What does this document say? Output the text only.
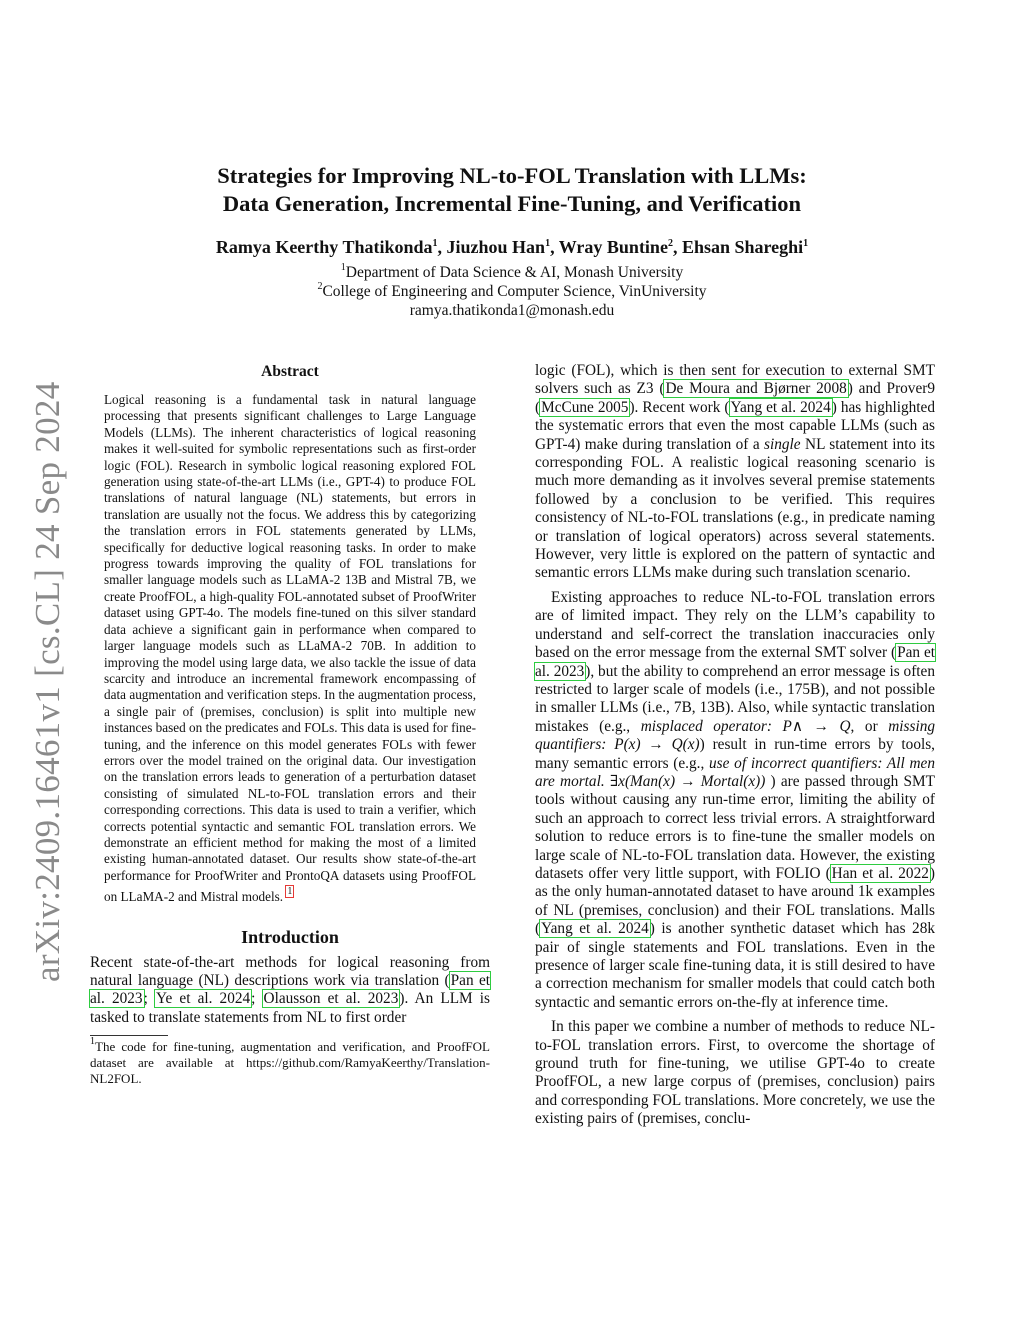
arXiv:2409.16461v1 [cs.CL] 24 Sep 2024
Strategies for Improving NL-to-FOL Translation with LLMs:
Data Generation, Incremental Fine-Tuning, and Verification
Ramya Keerthy Thatikonda$^1$, Jiuzhou Han$^1$, Wray Buntine$^2$, Ehsan Shareghi$^1$
$^1$Department of Data Science & AI, Monash University
$^2$College of Engineering and Computer Science, VinUniversity
ramya.thatikonda1@monash.edu
Abstract
Logical reasoning is a fundamental task in natural language processing that presents significant challenges to Large Language Models (LLMs). The inherent characteristics of logical reasoning makes it well-suited for symbolic representations such as first-order logic (FOL). Research in symbolic logical reasoning explored FOL generation using state-of-the-art LLMs (i.e., GPT-4) to produce FOL translations of natural language (NL) statements, but errors in translation are usually not the focus. We address this by categorizing the translation errors in FOL statements generated by LLMs, specifically for deductive logical reasoning tasks. In order to make progress towards improving the quality of FOL translations for smaller language models such as LLaMA-2 13B and Mistral 7B, we create ProofFOL, a high-quality FOL-annotated subset of ProofWriter dataset using GPT-4o. The models fine-tuned on this silver standard data achieve a significant gain in performance when compared to larger language models such as LLaMA-2 70B. In addition to improving the model using large data, we also tackle the issue of data scarcity and introduce an incremental framework encompassing of data augmentation and verification steps. In the augmentation process, a single pair of (premises, conclusion) is split into multiple new instances based on the predicates and FOLs. This data is used for fine-tuning, and the inference on this model generates FOLs with fewer errors over the model trained on the original data. Our investigation on the translation errors leads to generation of a perturbation dataset consisting of simulated NL-to-FOL translation errors and their corresponding corrections. This data is used to train a verifier, which corrects potential syntactic and semantic FOL translation errors. We demonstrate an efficient method for making the most of a limited existing human-annotated dataset. Our results show state-of-the-art performance for ProofWriter and ProntoQA datasets using ProofFOL on LLaMA-2 and Mistral models. $^1$
Introduction

Recent state-of-the-art methods for logical reasoning from natural language (NL) descriptions work via translation (Pan et al. 2023; Ye et al. 2024; Olausson et al. 2023). An LLM is tasked to translate statements from NL to first order

$^1$The code for fine-tuning, augmentation and verification, and ProofFOL dataset are available at https://github.com/RamyaKeerthy/Translation-NL2FOL.

logic (FOL), which is then sent for execution to external SMT solvers such as Z3 (De Moura and Bjørner 2008) and Prover9 (McCune 2005). Recent work (Yang et al. 2024) has highlighted the systematic errors that even the most capable LLMs (such as GPT-4) make during translation of a single NL statement into its corresponding FOL. A realistic logical reasoning scenario is much more demanding as it involves several premise statements followed by a conclusion to be verified. This requires consistency of NL-to-FOL translations (e.g., in predicate naming or translation of logical operators) across several statements. However, very little is explored on the pattern of syntactic and semantic errors LLMs make during such translation scenario.

Existing approaches to reduce NL-to-FOL translation errors are of limited impact. They rely on the LLM’s capability to understand and self-correct the translation inaccuracies only based on the error message from the external SMT solver (Pan et al. 2023), but the ability to comprehend an error message is often restricted to larger scale of models (i.e., 175B), and not possible in smaller LLMs (i.e., 7B, 13B). Also, while syntactic translation mistakes (e.g., misplaced operator: P∧ → Q, or missing quantifiers: P(x) → Q(x)) result in run-time errors by tools, many semantic errors (e.g., use of incorrect quantifiers: All men are mortal. ∃x(Man(x) → Mortal(x)) ) are passed through SMT tools without causing any run-time error, limiting the ability of such an approach to correct less trivial errors. A straightforward solution to reduce errors is to fine-tune the smaller models on large scale of NL-to-FOL translation data. However, the existing datasets offer very little support, with FOLIO (Han et al. 2022) as the only human-annotated dataset to have around 1k examples of NL (premises, conclusion) and their FOL translations. Malls (Yang et al. 2024) is another synthetic dataset which has 28k pair of single statements and FOL translations. Even in the presence of larger scale fine-tuning data, it is still desired to have a correction mechanism for smaller models that could catch both syntactic and semantic errors on-the-fly at inference time.

In this paper we combine a number of methods to reduce NL-to-FOL translation errors. First, to overcome the shortage of ground truth for fine-tuning, we utilise GPT-4o to create ProofFOL, a new large corpus of (premises, conclusion) pairs and corresponding FOL translations. More concretely, we use the existing pairs of (premises, conclu-
